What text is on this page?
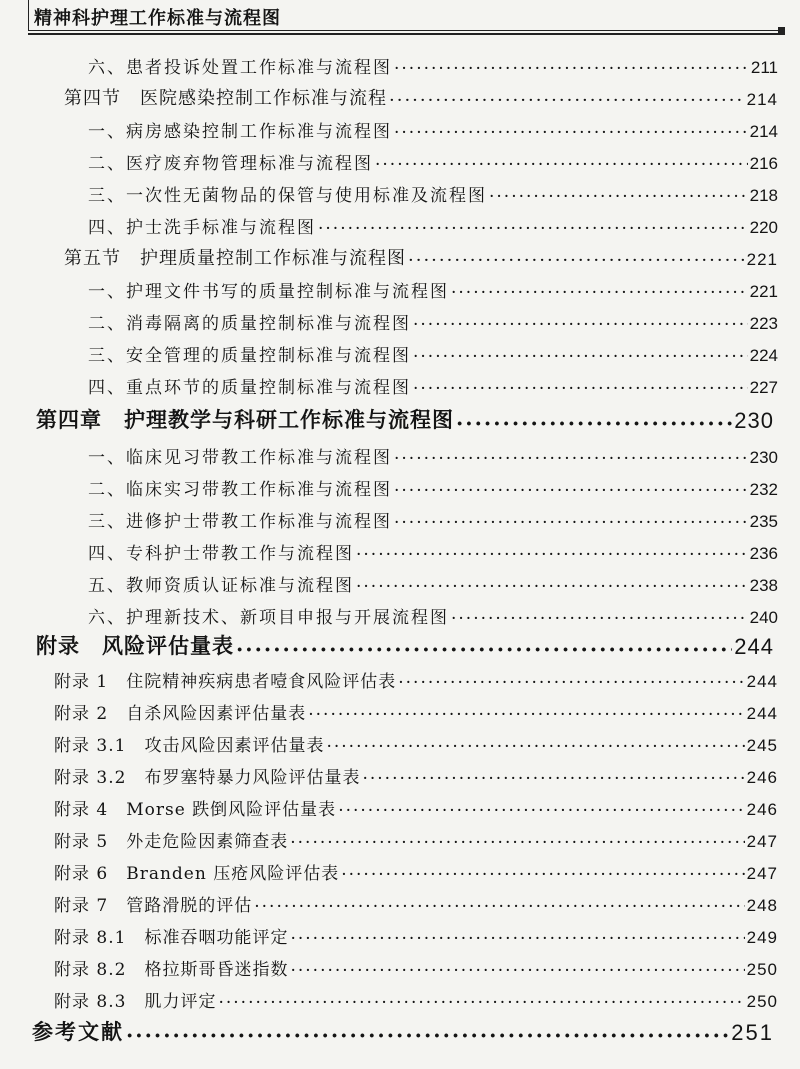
精神科护理工作标准与流程图
六、患者投诉处置工作标准与流程图 ·····	211
第四节　医院感染控制工作标准与流程 ·····	214
一、病房感染控制工作标准与流程图 ·····	214
二、医疗废弃物管理标准与流程图 ·····	216
三、一次性无菌物品的保管与使用标准及流程图 ·····	218
四、护士洗手标准与流程图 ·····	220
第五节　护理质量控制工作标准与流程图 ·····	221
一、护理文件书写的质量控制标准与流程图 ·····	221
二、消毒隔离的质量控制标准与流程图 ·····	223
三、安全管理的质量控制标准与流程图 ·····	224
四、重点环节的质量控制标准与流程图 ·····	227
第四章　护理教学与科研工作标准与流程图 ·····	230
一、临床见习带教工作标准与流程图 ·····	230
二、临床实习带教工作标准与流程图 ·····	232
三、进修护士带教工作标准与流程图 ·····	235
四、专科护士带教工作与流程图 ·····	236
五、教师资质认证标准与流程图 ·····	238
六、护理新技术、新项目申报与开展流程图 ·····	240
附录　风险评估量表 ·····	244
附录 1　住院精神疾病患者噎食风险评估表 ·····	244
附录 2　自杀风险因素评估量表 ·····	244
附录 3.1　攻击风险因素评估量表 ·····	245
附录 3.2　布罗塞特暴力风险评估量表 ·····	246
附录 4　Morse 跌倒风险评估量表 ·····	246
附录 5　外走危险因素筛查表 ·····	247
附录 6　Branden 压疮风险评估表 ·····	247
附录 7　管路滑脱的评估 ·····	248
附录 8.1　标准吞咽功能评定 ·····	249
附录 8.2　格拉斯哥昏迷指数 ·····	250
附录 8.3　肌力评定 ·····	250
参考文献 ·····	251
